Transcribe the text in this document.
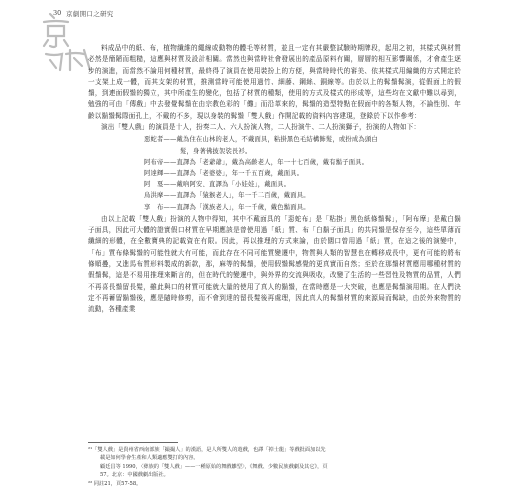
30 京劇開口之研究

料成品中的紙、布，植物纖維的繩線或動物的體毛等材質，並且一定有其嚴整試驗時期牌段，起用之初，其樣式與材質必然是簡陋而粗糙，這應與材質及設計相關。當然也與當時社會發展出的產品原料有關，層層的相互影響關係，才會產生逐步的演進，而當然不論用何種材質，最終得了演員在使用裝扮上的方便，與當時時代的審美、依其樣式用編織的方式開定於一支架上成一體，而其支架的材質，推測當時可能使用過竹、細藤、鋼絲、銅線等。由於以上的髯鬚髯演，從假面上的假鬚，到連面假鬚的獨立，其中所產生的變化，包括了材質的種類，使用的方式及樣式的形成等，這些均在文獻中難以尋到，勉強的可由「傳戲」中去發覺髯鬚在由宗教色彩的「儺」而沿革來的，髯鬚的造型特點在假面中的各類人物，不論性別、年齡以鬍鬚髯際面孔上，不戴的不多，現以身裝的髯鬚「雙人戲」作開記載的資料內容建現，登錄於下以作參考：

演出「雙人戲」的演員是十人，扮奏二人、六人扮演人物，二人扮演牛、二人扮演獅子，扮演的人物如下：

惡蛇者——戴為住在山林的老人，不戴面具，粘掛黑色毛結構飾髮，或扮成為頭白
髮，身著佛披袈裟長衫。
阿布帝——直譯為「老爺爺」，戴為高齡老人，年一十七百歲，戴有鬍子面具。
阿達輝——直譯為「老婆婆」，年一千五百歲，戴面具。
阿　戛——戴吶阿安、直譯為「小娃娃」，戴面具。
烏洪摩——直譯為「猿猴老人」，年一千二百歲，戴面具。
享　布——直譯為「漢族老人」，年一千歲，戴色鬍面具。

由以上記載「雙人戲」扮演的人物中得知，其中不戴面具的「惡蛇布」是「粘掛」黑色紙條鬚髯」，「阿布摩」是戴白鬍子面具，因此可大體的證實假口材質在早期應該是曾使用過「紙」質、布「白鬍子面具」的共同鬚是保存至今，這些單薄而纖細的形體，在全數寶典的記載資在有限。因此，再以推理的方式來論，由於闊口曾用過「紙」質，在這之後的演變中，「布」質布條髯鬚的可能性就大有可能，而此存在不同可能質變遷中，物質與人類的智慧也在轉移成長中，更有可能的將布條順疊，又進馬布質形料製成的新款，那，麻等的髯鬚，使用假鬚髯感覺的更真實而自然；至於在那鬚材質應用哪種材質的假鬚髯，這是不易用推理來斷言的，但在時代的變遷中，與外界的交流與吸收，改變了生活的一些習性及物質的品質，人們不再喜長鬚留長髮，雖此與口的材質可能就大量的使用了真人的鬍鬚，在當時應是一大突破，也應是髯鬚演用期。在人們決定不再蓄留鬍鬚後，應是隨時修剪，而不會到達的留長髮後再處理，因此真人的髯鬚材質的來源局而髯缺，由於外來物質的流動，各種產業

²¹「雙人戲」是貴州省西南部族「撮撮人」的漢語，是人所雙人的遊戲，也譯「掉士龍」等戲批面加以先
載是如何學會生產和人類適應雙打的內容。
顧廷昌等 1990，〈彝族的「雙人戲」——一種原始的舞戲雛型〉，《舞戲、少數民族戲劇及其它》，頁
57。北京：中國戲劇出版社。
²² 同註21，頁57-58。
